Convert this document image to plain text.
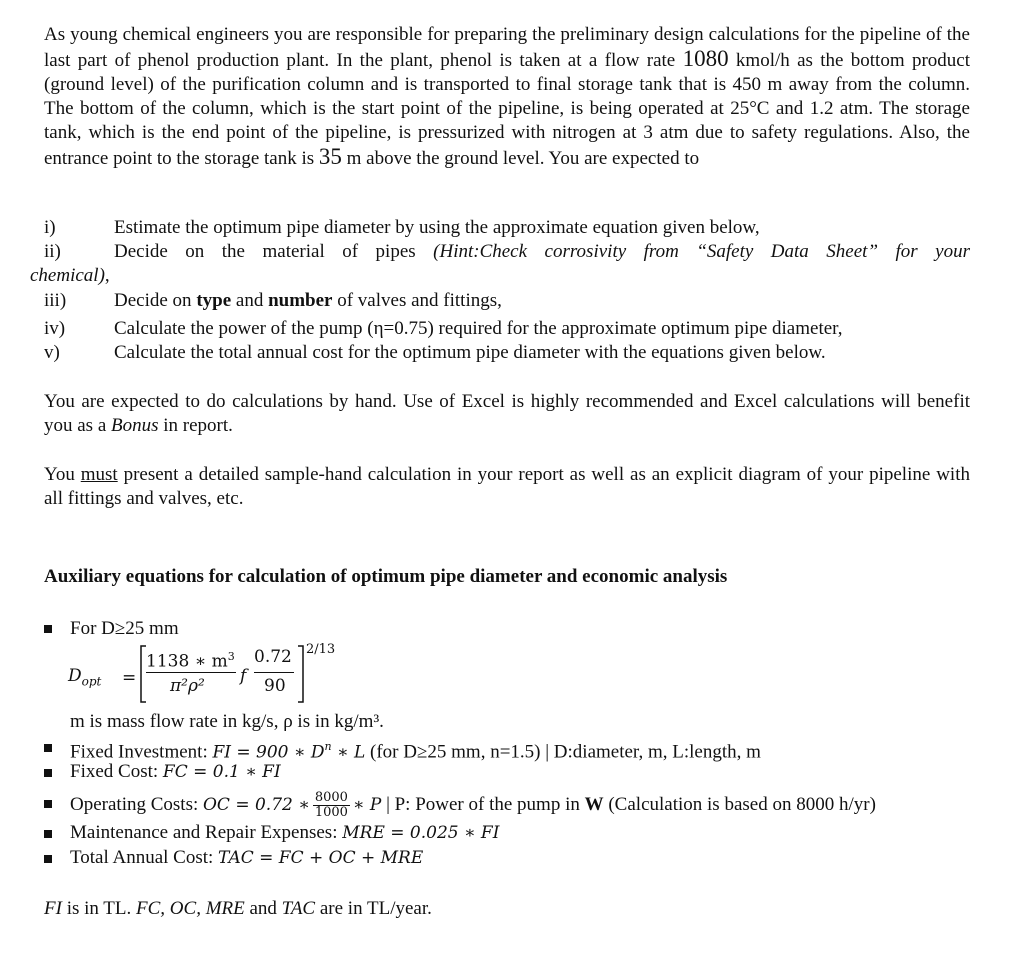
As young chemical engineers you are responsible for preparing the preliminary design calculations for the pipeline of the last part of phenol production plant. In the plant, phenol is taken at a flow rate 1080 kmol/h as the bottom product (ground level) of the purification column and is transported to final storage tank that is 450 m away from the column. The bottom of the column, which is the start point of the pipeline, is being operated at 25°C and 1.2 atm. The storage tank, which is the end point of the pipeline, is pressurized with nitrogen at 3 atm due to safety regulations. Also, the entrance point to the storage tank is 35 m above the ground level. You are expected to

i)	Estimate the optimum pipe diameter by using the approximate equation given below,

ii)	Decide on the material of pipes (Hint:Check corrosivity from “Safety Data Sheet” for your

chemical),

iii)	Decide on type and number of valves and fittings,

iv)	Calculate the power of the pump (η=0.75) required for the approximate optimum pipe diameter,

v)	Calculate the total annual cost for the optimum pipe diameter with the equations given below.

You are expected to do calculations by hand. Use of Excel is highly recommended and Excel calculations will benefit you as a Bonus in report.

You must present a detailed sample-hand calculation in your report as well as an explicit diagram of your pipeline with all fittings and valves, etc.

Auxiliary equations for calculation of optimum pipe diameter and economic analysis

For D≥25 mm

$D_{opt}$ =
1138 ∗ $m^3$
π²ρ² f
0.72
90
2/13

m is mass flow rate in kg/s, ρ is in kg/m³.

Fixed Investment: FI = 900 ∗ $D^n$ ∗ L (for D≥25 mm, n=1.5) | D:diameter, m, L:length, m

Fixed Cost: FC = 0.1 ∗ FI

Operating Costs: OC = 0.72 ∗ $\frac{8000}{1000}$ ∗ P | P: Power of the pump in W (Calculation is based on 8000 h/yr)

Maintenance and Repair Expenses: MRE = 0.025 ∗ FI

Total Annual Cost: TAC = FC + OC + MRE

FI is in TL. FC, OC, MRE and TAC are in TL/year.
